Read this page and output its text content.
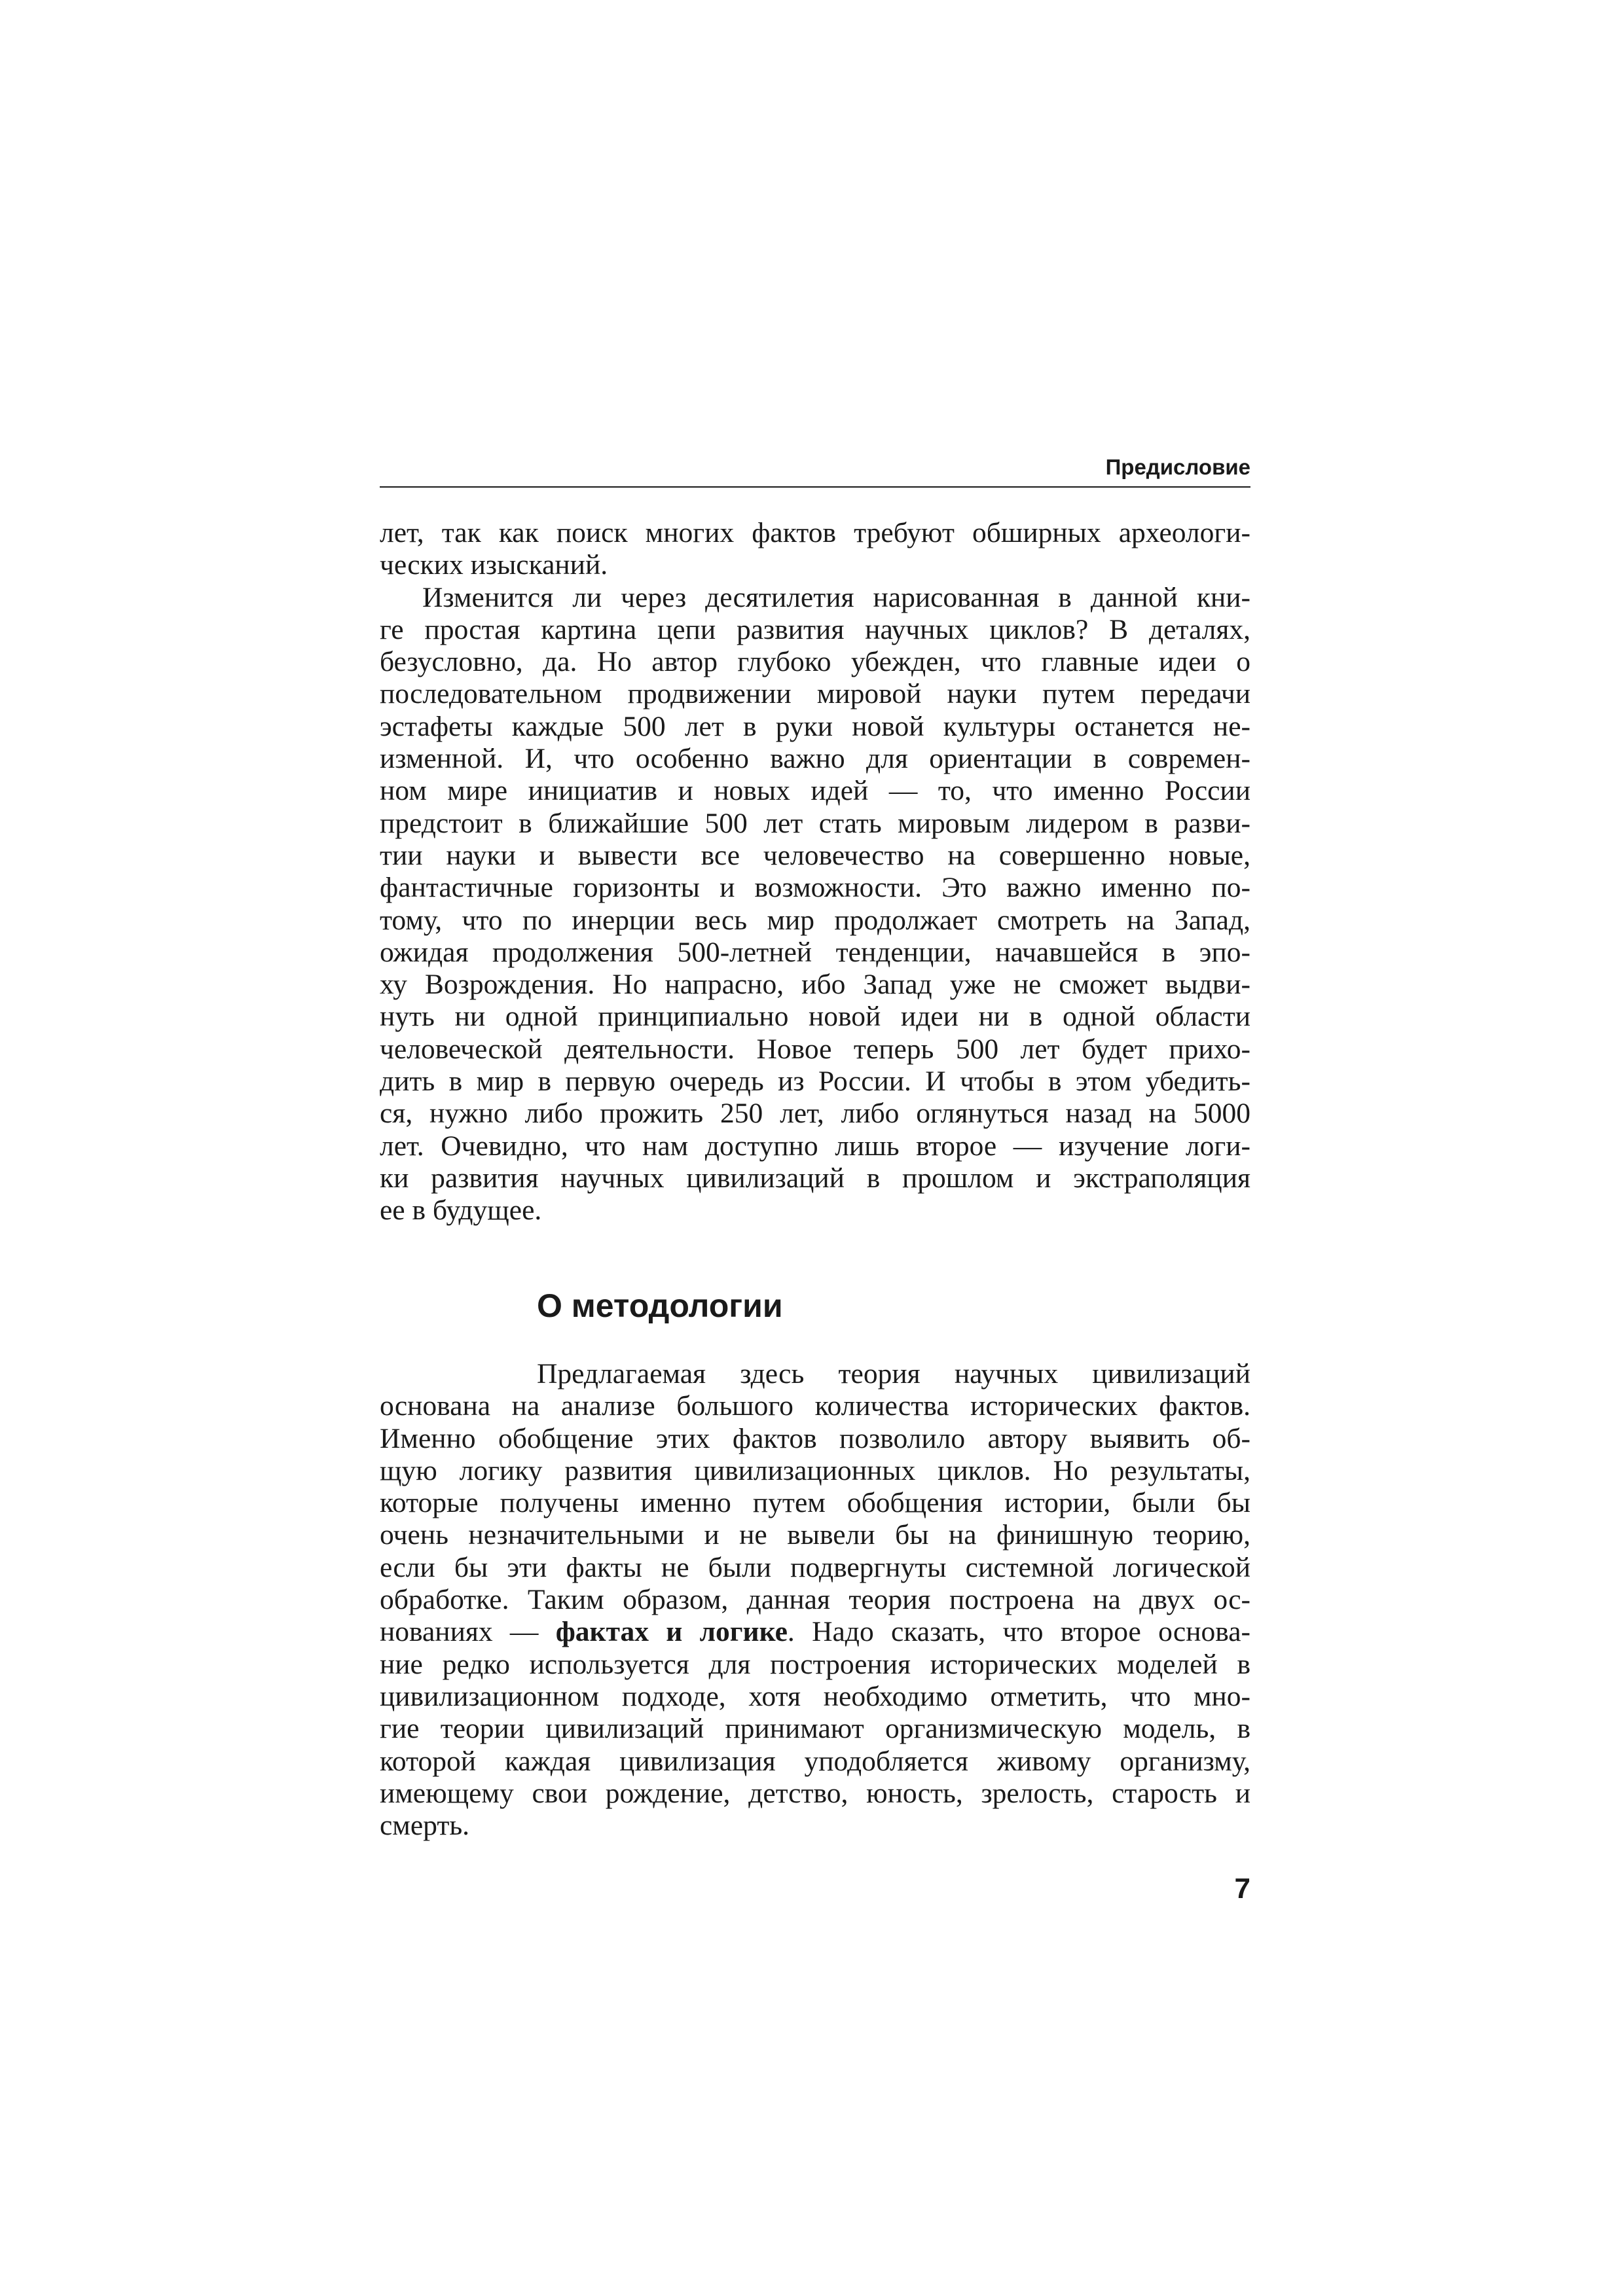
Предисловие
лет, так как поиск многих фактов требуют обширных археологи-
ческих изысканий.
Изменится ли через десятилетия нарисованная в данной кни-
ге простая картина цепи развития научных циклов? В деталях,
безусловно, да. Но автор глубоко убежден, что главные идеи о
последовательном продвижении мировой науки путем передачи
эстафеты каждые 500 лет в руки новой культуры останется не-
изменной. И, что особенно важно для ориентации в современ-
ном мире инициатив и новых идей — то, что именно России
предстоит в ближайшие 500 лет стать мировым лидером в разви-
тии науки и вывести все человечество на совершенно новые,
фантастичные горизонты и возможности. Это важно именно по-
тому, что по инерции весь мир продолжает смотреть на Запад,
ожидая продолжения 500-летней тенденции, начавшейся в эпо-
ху Возрождения. Но напрасно, ибо Запад уже не сможет выдви-
нуть ни одной принципиально новой идеи ни в одной области
человеческой деятельности. Новое теперь 500 лет будет прихо-
дить в мир в первую очередь из России. И чтобы в этом убедить-
ся, нужно либо прожить 250 лет, либо оглянуться назад на 5000
лет. Очевидно, что нам доступно лишь второе — изучение логи-
ки развития научных цивилизаций в прошлом и экстраполяция
ее в будущее.
О методологии
Предлагаемая здесь теория научных цивилизаций
основана на анализе большого количества исторических фактов.
Именно обобщение этих фактов позволило автору выявить об-
щую логику развития цивилизационных циклов. Но результаты,
которые получены именно путем обобщения истории, были бы
очень незначительными и не вывели бы на финишную теорию,
если бы эти факты не были подвергнуты системной логической
обработке. Таким образом, данная теория построена на двух ос-
нованиях — фактах и логике. Надо сказать, что второе основа-
ние редко используется для построения исторических моделей в
цивилизационном подходе, хотя необходимо отметить, что мно-
гие теории цивилизаций принимают организмическую модель, в
которой каждая цивилизация уподобляется живому организму,
имеющему свои рождение, детство, юность, зрелость, старость и
смерть.
7
